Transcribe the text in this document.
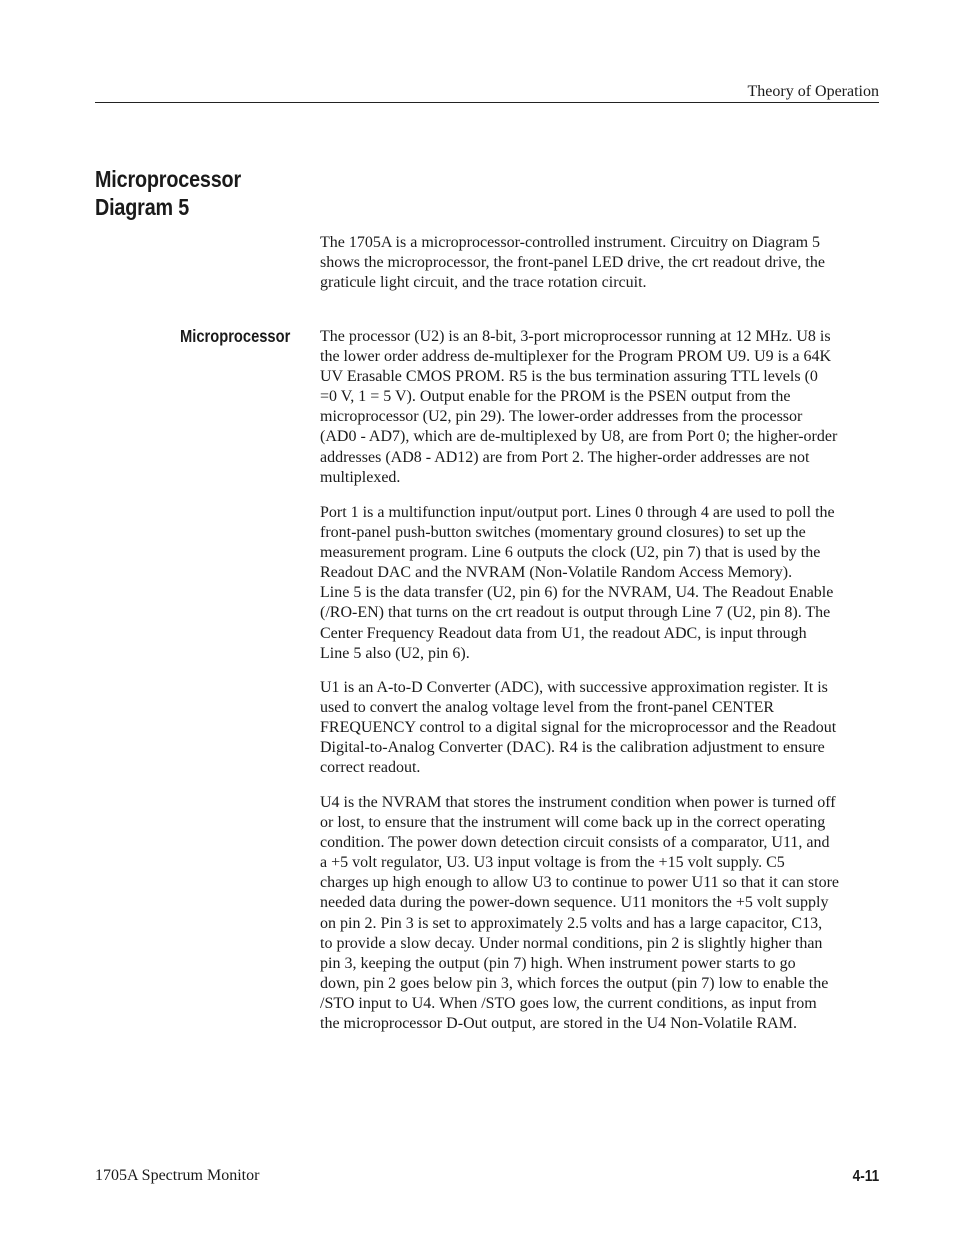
Theory of Operation
Microprocessor
Diagram 5

The 1705A is a microprocessor-controlled instrument. Circuitry on Diagram 5
shows the microprocessor, the front-panel LED drive, the crt readout drive, the
graticule light circuit, and the trace rotation circuit.

Microprocessor The processor (U2) is an 8-bit, 3-port microprocessor running at 12 MHz. U8 is
the lower order address de-multiplexer for the Program PROM U9. U9 is a 64K
UV Erasable CMOS PROM. R5 is the bus termination assuring TTL levels (0
=0 V, 1 = 5 V). Output enable for the PROM is the PSEN output from the
microprocessor (U2, pin 29). The lower-order addresses from the processor
(AD0 - AD7), which are de-multiplexed by U8, are from Port 0; the higher-order
addresses (AD8 - AD12) are from Port 2. The higher-order addresses are not
multiplexed.

Port 1 is a multifunction input/output port. Lines 0 through 4 are used to poll the
front-panel push-button switches (momentary ground closures) to set up the
measurement program. Line 6 outputs the clock (U2, pin 7) that is used by the
Readout DAC and the NVRAM (Non-Volatile Random Access Memory).
Line 5 is the data transfer (U2, pin 6) for the NVRAM, U4. The Readout Enable
(/RO-EN) that turns on the crt readout is output through Line 7 (U2, pin 8). The
Center Frequency Readout data from U1, the readout ADC, is input through
Line 5 also (U2, pin 6).

U1 is an A-to-D Converter (ADC), with successive approximation register. It is
used to convert the analog voltage level from the front-panel CENTER
FREQUENCY control to a digital signal for the microprocessor and the Readout
Digital-to-Analog Converter (DAC). R4 is the calibration adjustment to ensure
correct readout.

U4 is the NVRAM that stores the instrument condition when power is turned off
or lost, to ensure that the instrument will come back up in the correct operating
condition. The power down detection circuit consists of a comparator, U11, and
a +5 volt regulator, U3. U3 input voltage is from the +15 volt supply. C5
charges up high enough to allow U3 to continue to power U11 so that it can store
needed data during the power-down sequence. U11 monitors the +5 volt supply
on pin 2. Pin 3 is set to approximately 2.5 volts and has a large capacitor, C13,
to provide a slow decay. Under normal conditions, pin 2 is slightly higher than
pin 3, keeping the output (pin 7) high. When instrument power starts to go
down, pin 2 goes below pin 3, which forces the output (pin 7) low to enable the
/STO input to U4. When /STO goes low, the current conditions, as input from
the microprocessor D-Out output, are stored in the U4 Non-Volatile RAM.

1705A Spectrum Monitor	4-11
